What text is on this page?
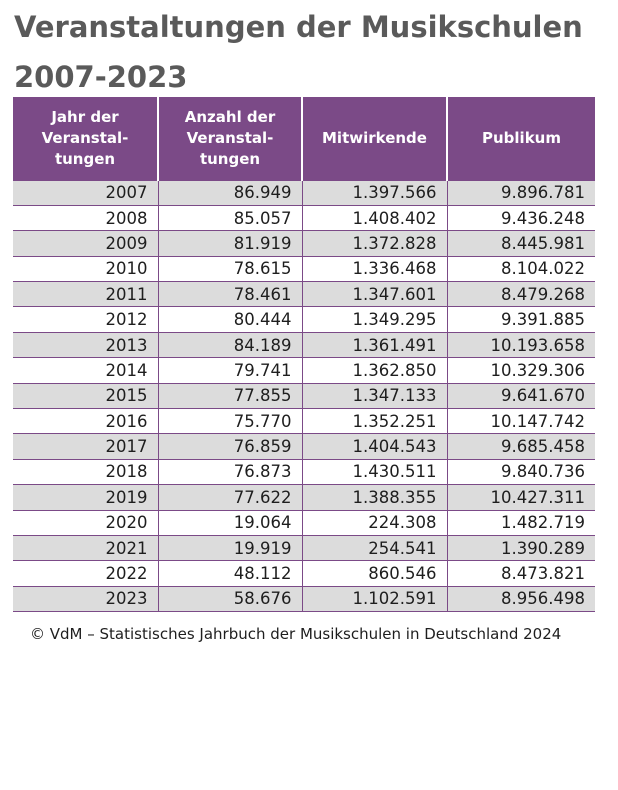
Veranstaltungen der Musikschulen
2007-2023
Jahr der
Veranstal-
tungen	Anzahl der
Veranstal-
tungen	Mitwirkende	Publikum
2007	86.949	1.397.566	9.896.781
2008	85.057	1.408.402	9.436.248
2009	81.919	1.372.828	8.445.981
2010	78.615	1.336.468	8.104.022
2011	78.461	1.347.601	8.479.268
2012	80.444	1.349.295	9.391.885
2013	84.189	1.361.491	10.193.658
2014	79.741	1.362.850	10.329.306
2015	77.855	1.347.133	9.641.670
2016	75.770	1.352.251	10.147.742
2017	76.859	1.404.543	9.685.458
2018	76.873	1.430.511	9.840.736
2019	77.622	1.388.355	10.427.311
2020	19.064	224.308	1.482.719
2021	19.919	254.541	1.390.289
2022	48.112	860.546	8.473.821
2023	58.676	1.102.591	8.956.498

© VdM – Statistisches Jahrbuch der Musikschulen in Deutschland 2024
